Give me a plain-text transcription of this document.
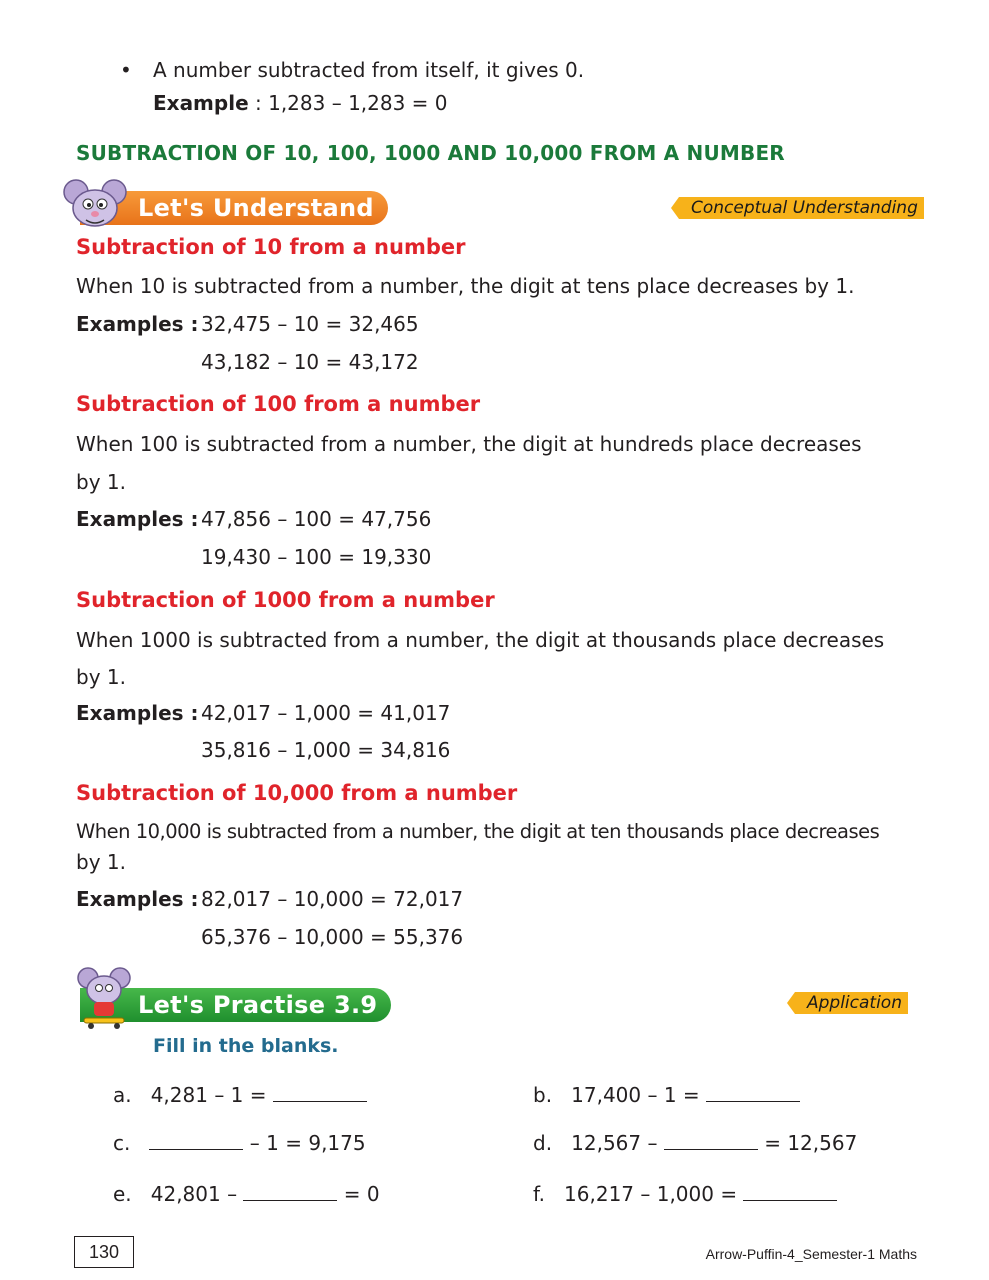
• A number subtracted from itself, it gives 0.
Example : 1,283 – 1,283 = 0
SUBTRACTION OF 10, 100, 1000 AND 10,000 FROM A NUMBER
Let's Understand	Conceptual Understanding
Subtraction of 10 from a number
When 10 is subtracted from a number, the digit at tens place decreases by 1.
Examples : 32,475 – 10 = 32,465
43,182 – 10 = 43,172
Subtraction of 100 from a number
When 100 is subtracted from a number, the digit at hundreds place decreases
by 1.
Examples : 47,856 – 100 = 47,756
19,430 – 100 = 19,330
Subtraction of 1000 from a number
When 1000 is subtracted from a number, the digit at thousands place decreases
by 1.
Examples : 42,017 – 1,000 = 41,017
35,816 – 1,000 = 34,816
Subtraction of 10,000 from a number
When 10,000 is subtracted from a number, the digit at ten thousands place decreases
by 1.
Examples : 82,017 – 10,000 = 72,017
65,376 – 10,000 = 55,376
Let's Practise 3.9	Application
Fill in the blanks.
a. 4,281 – 1 =	b. 17,400 – 1 =
c.	– 1 = 9,175	d. 12,567 –	= 12,567
e. 42,801 –	= 0	f. 16,217 – 1,000 =
130	Arrow-Puffin-4_Semester-1 Maths
